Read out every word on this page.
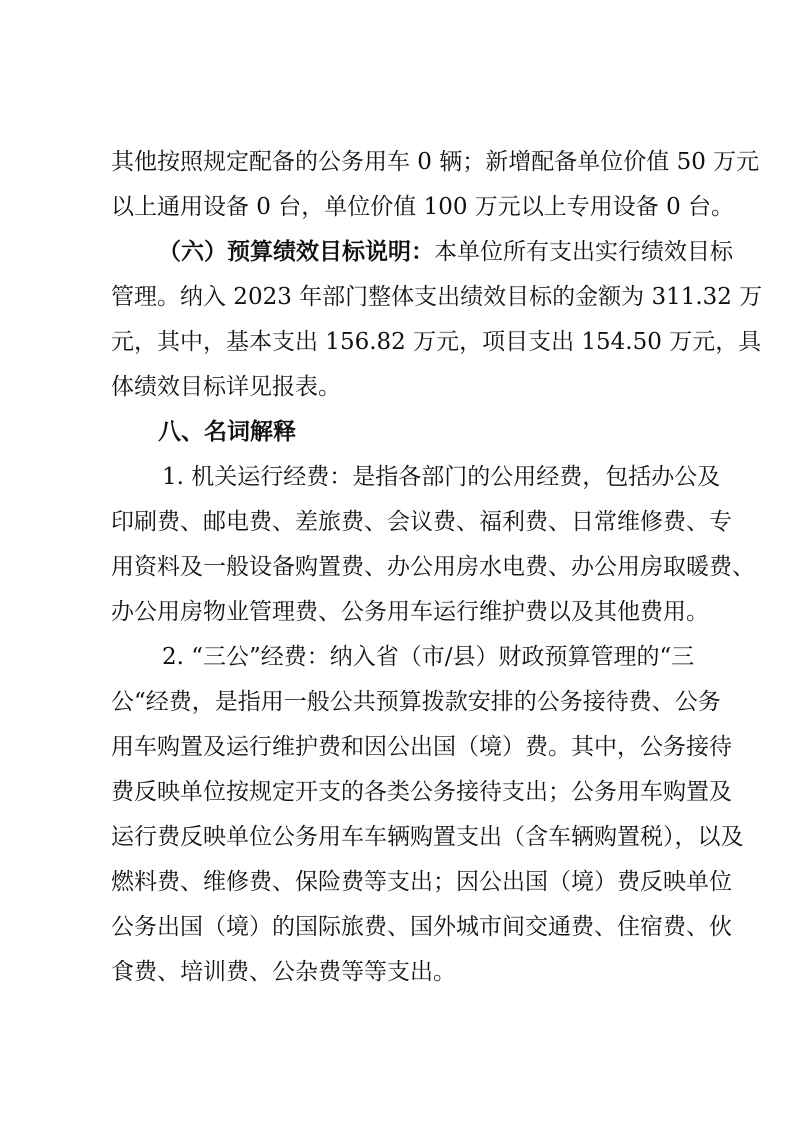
其他按照规定配备的公务用车 0 辆；新增配备单位价值 50 万元
以上通用设备 0 台，单位价值 100 万元以上专用设备 0 台。
（六）预算绩效目标说明：本单位所有支出实行绩效目标
管理。纳入 2023 年部门整体支出绩效目标的金额为 311.32 万
元，其中，基本支出 156.82 万元，项目支出 154.50 万元，具
体绩效目标详见报表。
八、名词解释
1. 机关运行经费：是指各部门的公用经费，包括办公及
印刷费、邮电费、差旅费、会议费、福利费、日常维修费、专
用资料及一般设备购置费、办公用房水电费、办公用房取暖费、
办公用房物业管理费、公务用车运行维护费以及其他费用。
2. “三公”经费：纳入省（市/县）财政预算管理的“三
公“经费，是指用一般公共预算拨款安排的公务接待费、公务
用车购置及运行维护费和因公出国（境）费。其中，公务接待
费反映单位按规定开支的各类公务接待支出；公务用车购置及
运行费反映单位公务用车车辆购置支出（含车辆购置税），以及
燃料费、维修费、保险费等支出；因公出国（境）费反映单位
公务出国（境）的国际旅费、国外城市间交通费、住宿费、伙
食费、培训费、公杂费等等支出。
